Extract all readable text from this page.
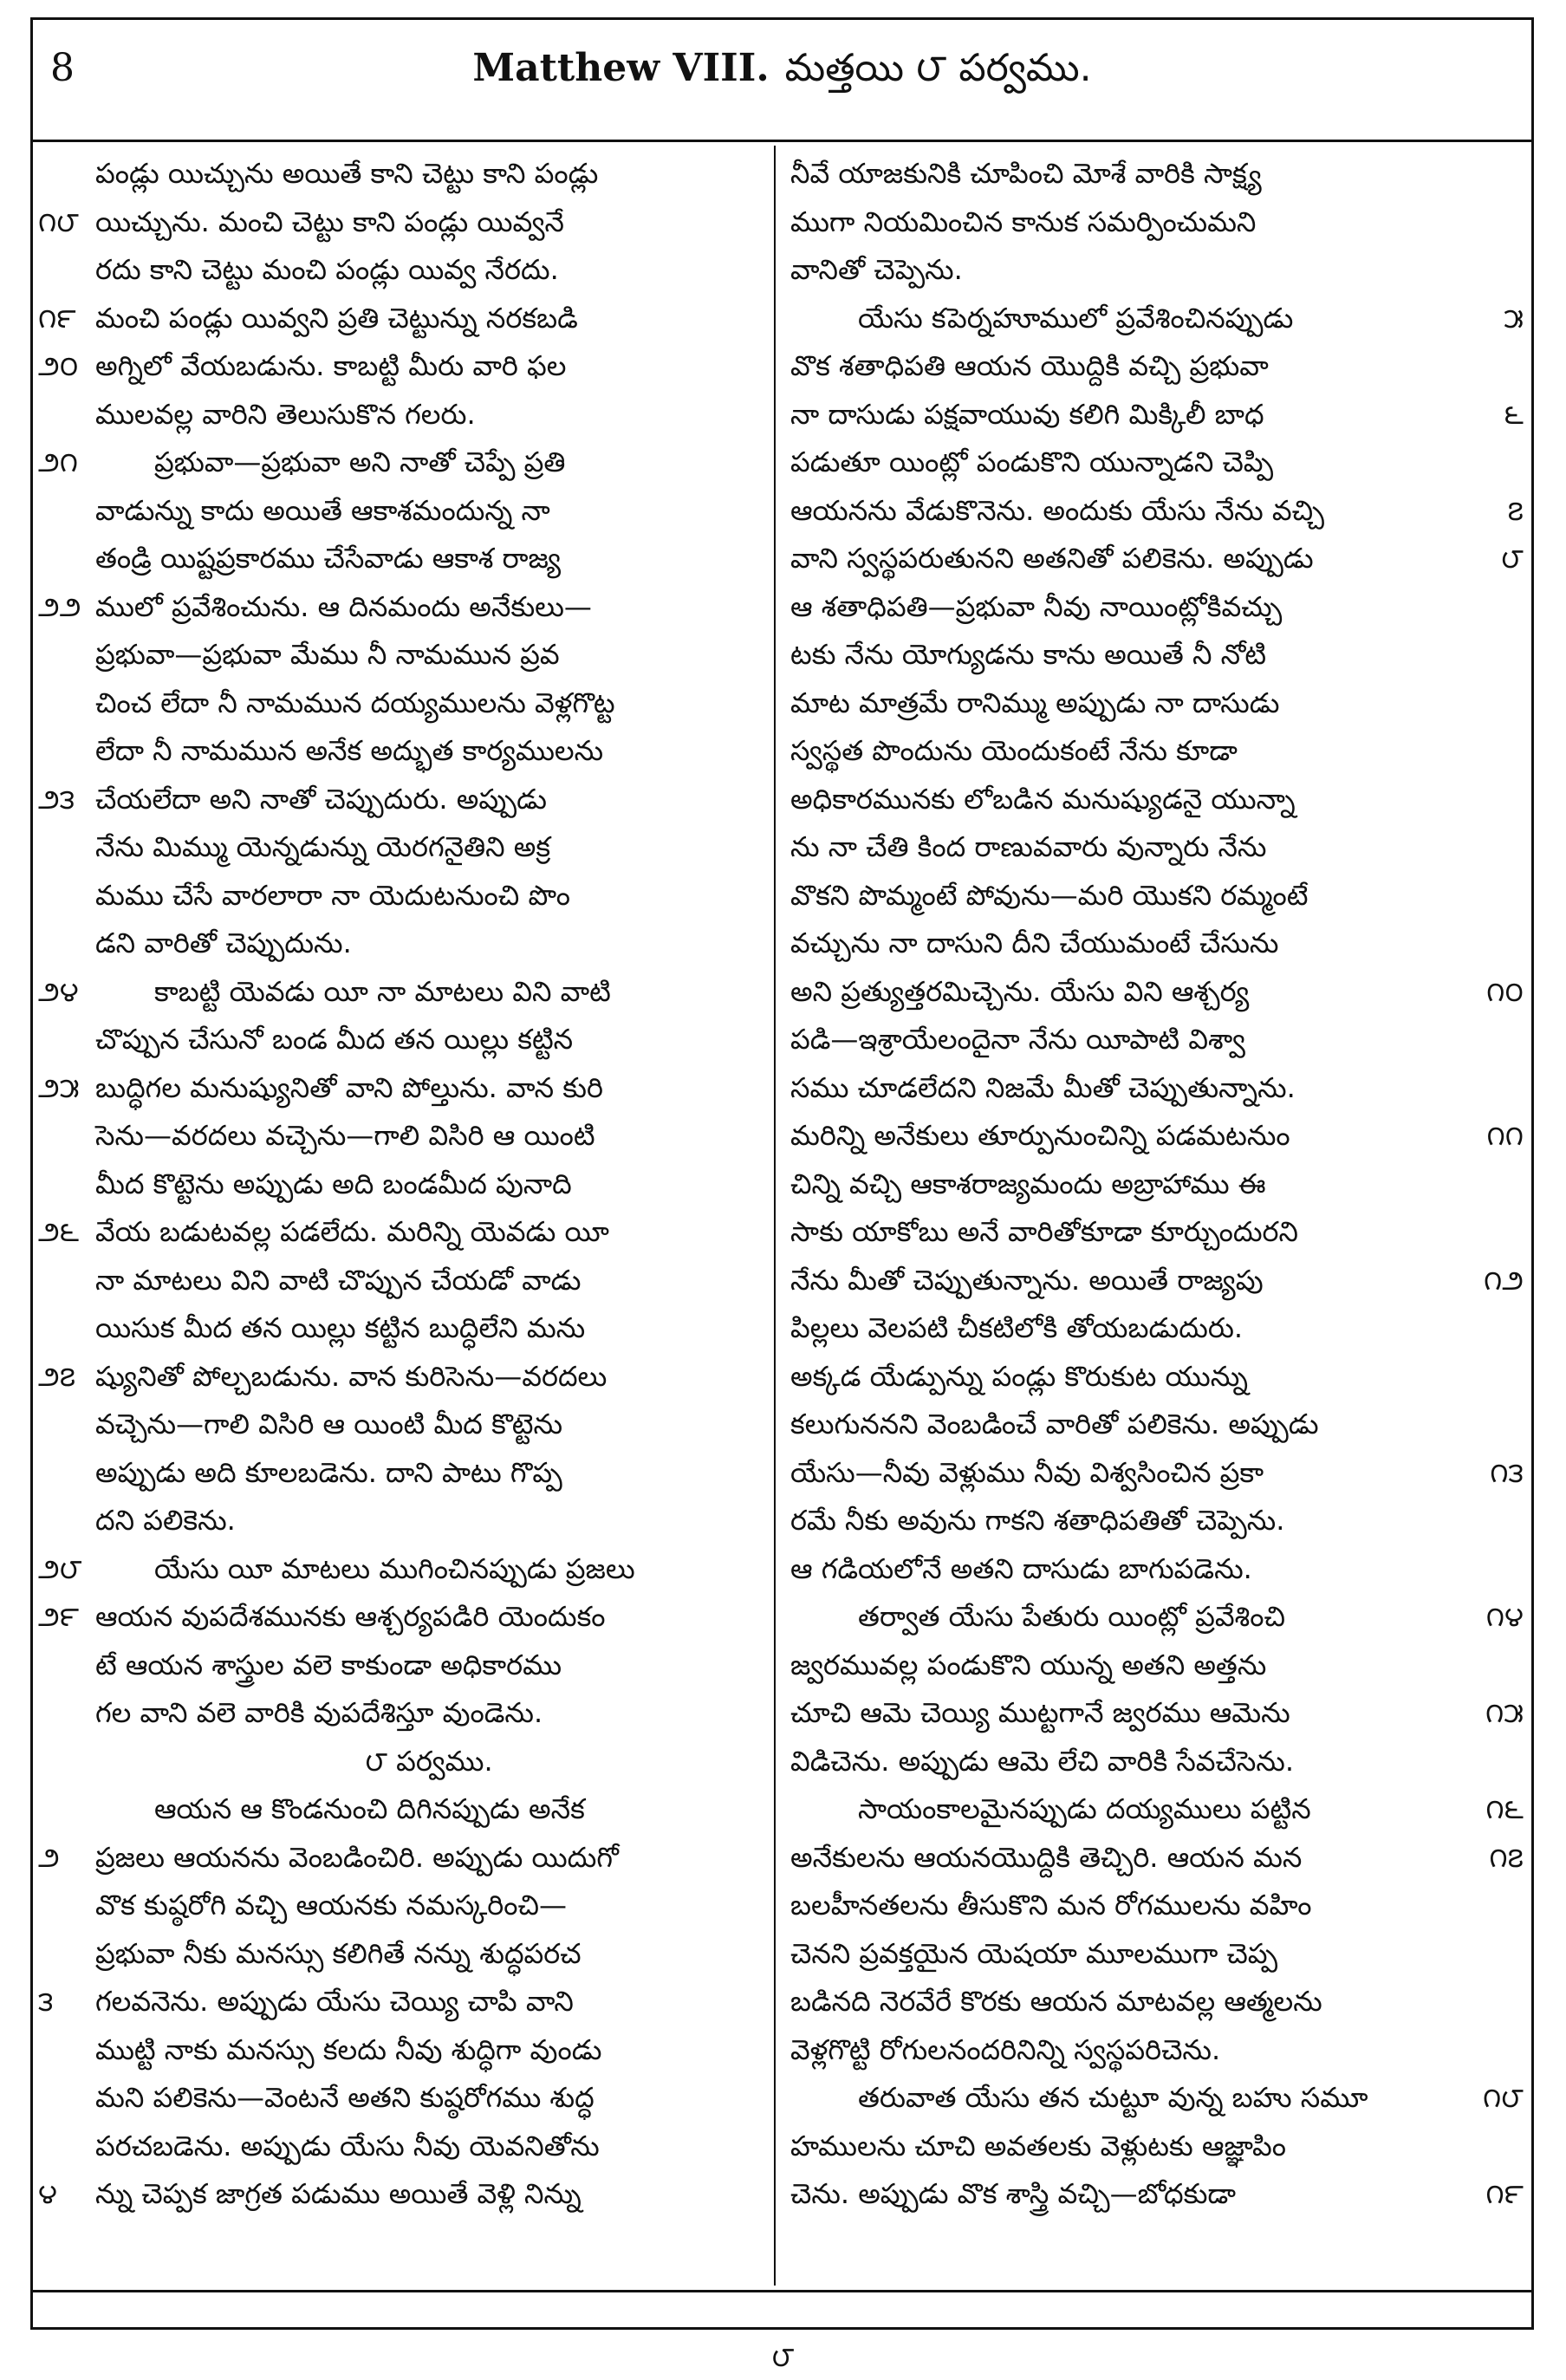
8	Matthew VIII. మత్తయి ౮ పర్వము.
పండ్లు యిచ్చును అయితే కాని చెట్టు కాని పండ్లు
౧౮ యిచ్చును. మంచి చెట్టు కాని పండ్లు యివ్వనే
రదు కాని చెట్టు మంచి పండ్లు యివ్వ నేరదు.
౧౯ మంచి పండ్లు యివ్వని ప్రతి చెట్టున్ను నరకబడి
౨౦ అగ్నిలో వేయబడును. కాబట్టి మీరు వారి ఫల
ములవల్ల వారిని తెలుసుకొన గలరు.
౨౧	ప్రభువా—ప్రభువా అని నాతో చెప్పే ప్రతి
వాడున్ను కాదు అయితే ఆకాశమందున్న నా
తండ్రి యిష్టప్రకారము చేసేవాడు ఆకాశ రాజ్య
౨౨ ములో ప్రవేశించును. ఆ దినమందు అనేకులు—
ప్రభువా—ప్రభువా మేము నీ నామమున ప్రవ
చించ లేదా నీ నామమున దయ్యములను వెళ్లగొట్ట
లేదా నీ నామమున అనేక అద్భుత కార్యములను
౨౩ చేయలేదా అని నాతో చెప్పుదురు. అప్పుడు
నేను మిమ్ము యెన్నడున్ను యెరగనైతిని అక్ర
మము చేసే వారలారా నా యెదుటనుంచి పొం
డని వారితో చెప్పుదును.
౨౪	కాబట్టి యెవడు యీ నా మాటలు విని వాటి
చొప్పున చేసునో బండ మీద తన యిల్లు కట్టిన
౨౫ బుద్ధిగల మనుష్యునితో వాని పోల్తును. వాన కురి
సెను—వరదలు వచ్చెను—గాలి విసిరి ఆ యింటి
మీద కొట్టెను అప్పుడు అది బండమీద పునాది
౨౬ వేయ బడుటవల్ల పడలేదు. మరిన్ని యెవడు యీ
నా మాటలు విని వాటి చొప్పున చేయడో వాడు
యిసుక మీద తన యిల్లు కట్టిన బుద్ధిలేని మను
౨౭ ష్యునితో పోల్చబడును. వాన కురిసెను—వరదలు
వచ్చెను—గాలి విసిరి ఆ యింటి మీద కొట్టెను
అప్పుడు అది కూలబడెను. దాని పాటు గొప్ప
దని పలికెను.
౨౮	యేసు యీ మాటలు ముగించినప్పుడు ప్రజలు
౨౯ ఆయన వుపదేశమునకు ఆశ్చర్యపడిరి యెందుకం
టే ఆయన శాస్త్రుల వలె కాకుండా అధికారము
గల వాని వలె వారికి వుపదేశిస్తూ వుండెను.
౮ పర్వము.
ఆయన ఆ కొండనుంచి దిగినప్పుడు అనేక
౨	ప్రజలు ఆయనను వెంబడించిరి. అప్పుడు యిదుగో
వొక కుష్ఠరోగి వచ్చి ఆయనకు నమస్కరించి—
ప్రభువా నీకు మనస్సు కలిగితే నన్ను శుద్ధపరచ
౩	గలవనెను. అప్పుడు యేసు చెయ్యి చాపి వాని
ముట్టి నాకు మనస్సు కలదు నీవు శుద్ధిగా వుండు
మని పలికెను—వెంటనే అతని కుష్ఠరోగము శుద్ధ
పరచబడెను. అప్పుడు యేసు నీవు యెవనితోను
౪	న్ను చెప్పక జాగ్రత పడుము అయితే వెళ్లి నిన్ను
నీవే యాజకునికి చూపించి మోశే వారికి సాక్ష్య
ముగా నియమించిన కానుక సమర్పించుమని
వానితో చెప్పెను.
౫
యేసు కపెర్నహూములో ప్రవేశించినప్పుడు
వొక శతాధిపతి ఆయన యొద్దికి వచ్చి ప్రభువా
౬
నా దాసుడు పక్షవాయువు కలిగి మిక్కిలీ బాధ
పడుతూ యింట్లో పండుకొని యున్నాడని చెప్పి
౭
ఆయనను వేడుకొనెను. అందుకు యేసు నేను వచ్చి
౮
వాని స్వస్థపరుతునని అతనితో పలికెను. అప్పుడు
ఆ శతాధిపతి—ప్రభువా నీవు నాయింట్లోకివచ్చు
టకు నేను యోగ్యుడను కాను అయితే నీ నోటి
మాట మాత్రమే రానిమ్ము అప్పుడు నా దాసుడు
స్వస్థత పొందును యెందుకంటే నేను కూడా
అధికారమునకు లోబడిన మనుష్యుడనై యున్నా
ను నా చేతి కింద రాణువవారు వున్నారు నేను
వొకని పొమ్మంటే పోవును—మరి యొకని రమ్మంటే
వచ్చును నా దాసుని దీని చేయుమంటే చేసును
౧౦
అని ప్రత్యుత్తరమిచ్చెను. యేసు విని ఆశ్చర్య
పడి—ఇశ్రాయేలందైనా నేను యీపాటి విశ్వా
సము చూడలేదని నిజమే మీతో చెప్పుతున్నాను.
౧౧
మరిన్ని అనేకులు తూర్పునుంచిన్ని పడమటనుం
చిన్ని వచ్చి ఆకాశరాజ్యమందు అబ్రాహాము ఈ
సాకు యాకోబు అనే వారితోకూడా కూర్చుందురని
౧౨
నేను మీతో చెప్పుతున్నాను. అయితే రాజ్యపు
పిల్లలు వెలపటి చీకటిలోకి తోయబడుదురు.
అక్కడ యేడ్పున్ను పండ్లు కొరుకుట యున్ను
కలుగుననని వెంబడించే వారితో పలికెను. అప్పుడు
౧౩
యేసు—నీవు వెళ్లుము నీవు విశ్వసించిన ప్రకా
రమే నీకు అవును గాకని శతాధిపతితో చెప్పెను.
ఆ గడియలోనే అతని దాసుడు బాగుపడెను.
౧౪
తర్వాత యేసు పేతురు యింట్లో ప్రవేశించి
జ్వరమువల్ల పండుకొని యున్న అతని అత్తను
౧౫
చూచి ఆమె చెయ్యి ముట్టగానే జ్వరము ఆమెను
విడిచెను. అప్పుడు ఆమె లేచి వారికి సేవచేసెను.
౧౬
సాయంకాలమైనప్పుడు దయ్యములు పట్టిన
౧౭
అనేకులను ఆయనయొద్దికి తెచ్చిరి. ఆయన మన
బలహీనతలను తీసుకొని మన రోగములను వహిం
చెనని ప్రవక్తయైన యెషయా మూలముగా చెప్ప
బడినది నెరవేరే కొరకు ఆయన మాటవల్ల ఆత్మలను
వెళ్లగొట్టి రోగులనందరినిన్ని స్వస్థపరిచెను.
౧౮
తరువాత యేసు తన చుట్టూ వున్న బహు సమూ
హములను చూచి అవతలకు వెళ్లుటకు ఆజ్ఞాపిం
౧౯
చెను. అప్పుడు వొక శాస్త్రి వచ్చి—బోధకుడా
౮
